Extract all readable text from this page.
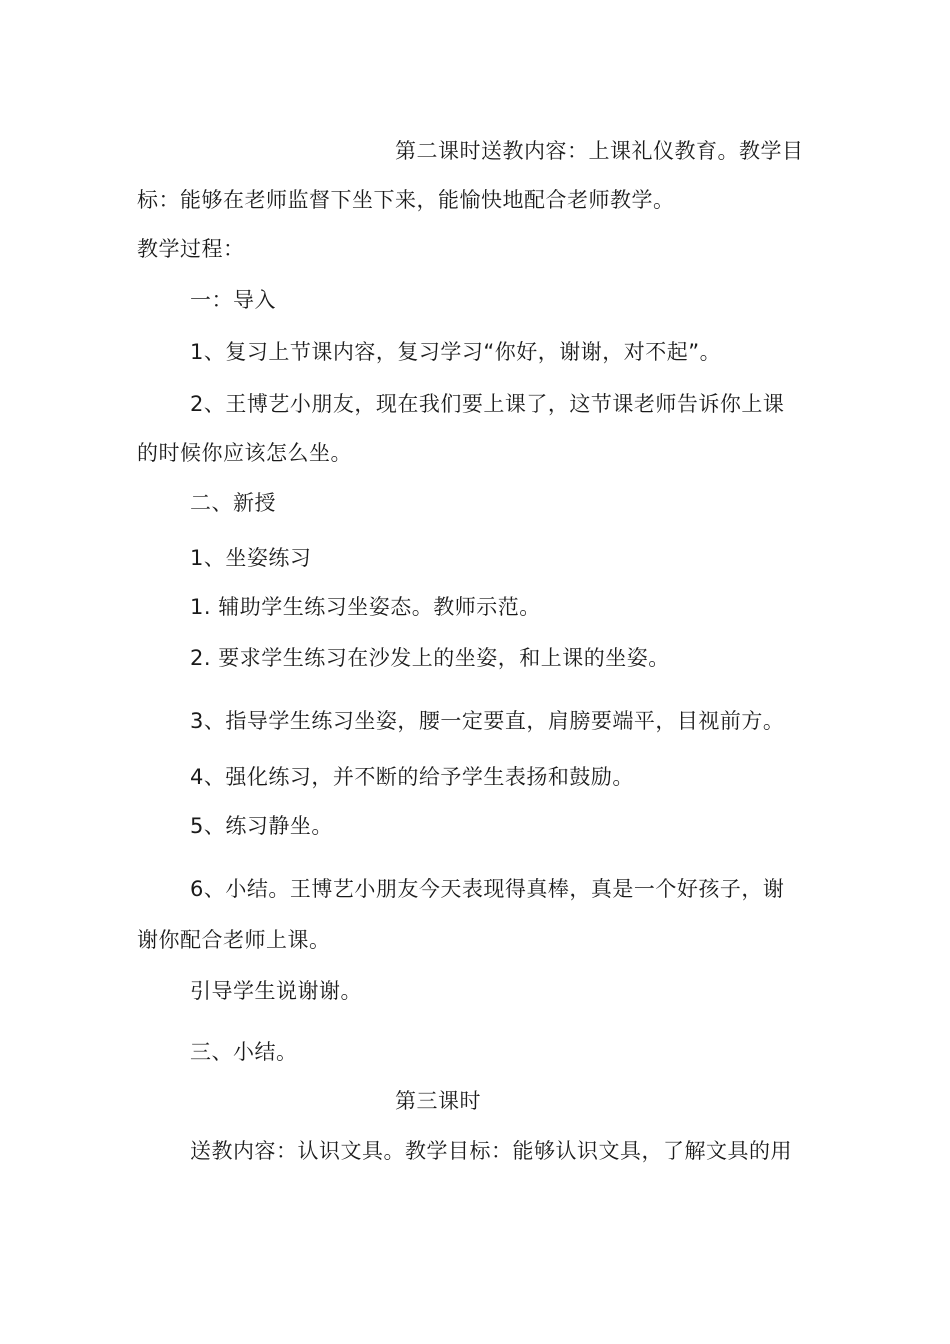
第二课时送教内容：上课礼仪教育。教学目
标：能够在老师监督下坐下来，能愉快地配合老师教学。
教学过程：
一：导入
1、复习上节课内容，复习学习“你好，谢谢，对不起”。
2、王博艺小朋友，现在我们要上课了，这节课老师告诉你上课
的时候你应该怎么坐。
二、新授
1、坐姿练习
1. 辅助学生练习坐姿态。教师示范。
2. 要求学生练习在沙发上的坐姿，和上课的坐姿。
3、指导学生练习坐姿，腰一定要直，肩膀要端平，目视前方。
4、强化练习，并不断的给予学生表扬和鼓励。
5、练习静坐。
6、小结。王博艺小朋友今天表现得真棒，真是一个好孩子，谢
谢你配合老师上课。
引导学生说谢谢。
三、小结。
第三课时
送教内容：认识文具。教学目标：能够认识文具，了解文具的用
